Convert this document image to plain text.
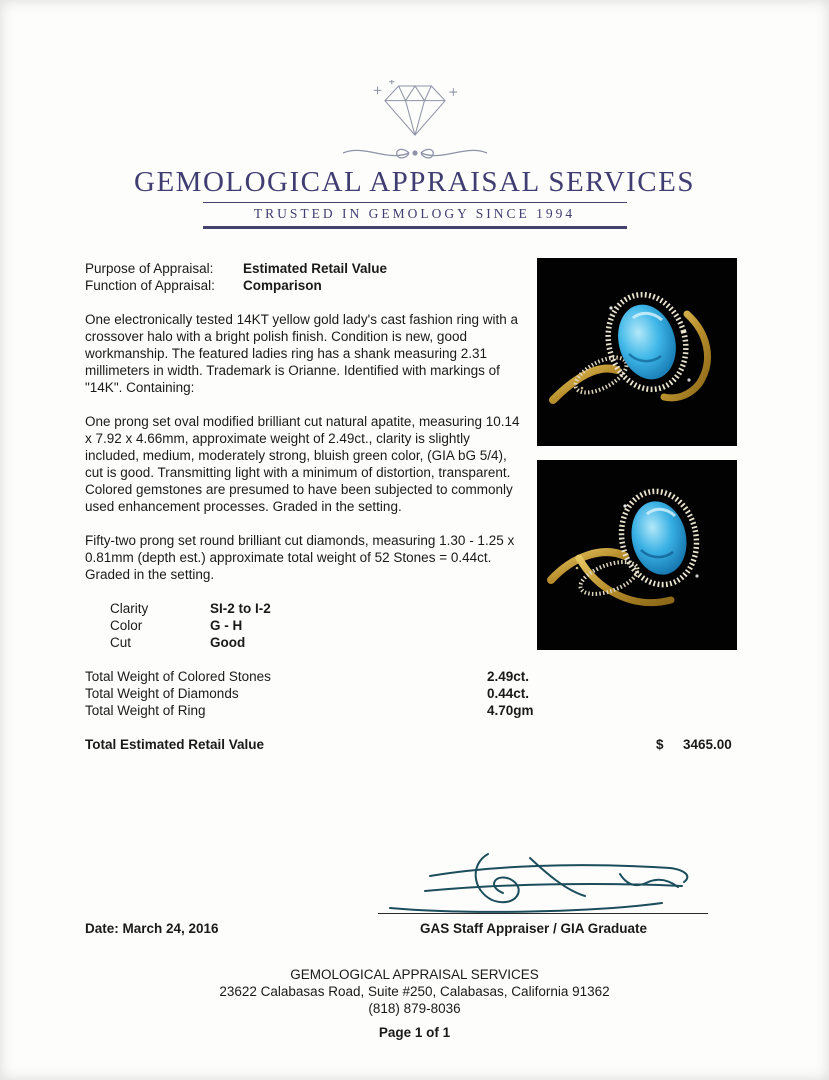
GEMOLOGICAL APPRAISAL SERVICES
TRUSTED IN GEMOLOGY SINCE 1994
Purpose of Appraisal:	Estimated Retail Value
Function of Appraisal:	Comparison

One electronically tested 14KT yellow gold lady's cast fashion ring with a crossover halo with a bright polish finish. Condition is new, good workmanship. The featured ladies ring has a shank measuring 2.31 millimeters in width. Trademark is Orianne. Identified with markings of "14K". Containing:

One prong set oval modified brilliant cut natural apatite, measuring 10.14 x 7.92 x 4.66mm, approximate weight of 2.49ct., clarity is slightly included, medium, moderately strong, bluish green color, (GIA bG 5/4), cut is good. Transmitting light with a minimum of distortion, transparent. Colored gemstones are presumed to have been subjected to commonly used enhancement processes. Graded in the setting.

Fifty-two prong set round brilliant cut diamonds, measuring 1.30 - 1.25 x 0.81mm (depth est.) approximate total weight of 52 Stones = 0.44ct. Graded in the setting.

Clarity	SI-2 to I-2
Color	G - H
Cut	Good
Total Weight of Colored Stones	2.49ct.
Total Weight of Diamonds	0.44ct.
Total Weight of Ring	4.70gm
Total Estimated Retail Value	$ 3465.00
Date: March 24, 2016	GAS Staff Appraiser / GIA Graduate
GEMOLOGICAL APPRAISAL SERVICES
23622 Calabasas Road, Suite #250, Calabasas, California 91362
(818) 879-8036
Page 1 of 1
